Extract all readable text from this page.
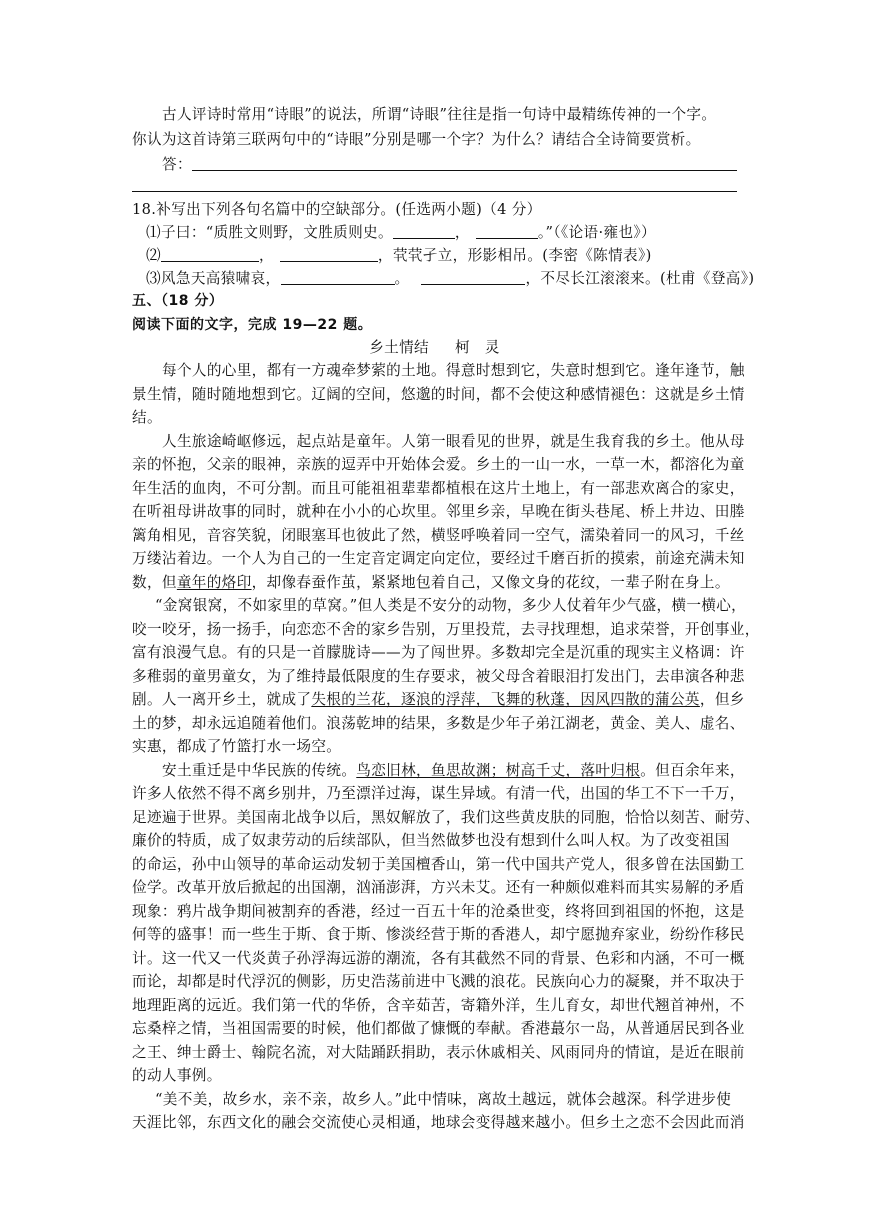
古人评诗时常用“诗眼”的说法，所谓“诗眼”往往是指一句诗中最精练传神的一个字。
你认为这首诗第三联两句中的“诗眼”分别是哪一个字？为什么？请结合全诗简要赏析。
答：
18.补写出下列各句名篇中的空缺部分。(任选两小题)（4 分）
⑴子曰：“质胜文则野，文胜质则史。	，	。”（《论语·雍也》）
⑵	，	，茕茕孑立，形影相吊。(李密《陈情表》)
⑶风急天高猿啸哀，	。	，不尽长江滚滚来。(杜甫《登高》)
五、（18 分）
阅读下面的文字，完成 19—22 题。
乡土情结 柯　灵
每个人的心里，都有一方魂牵梦萦的土地。得意时想到它，失意时想到它。逢年逢节，触
景生情，随时随地想到它。辽阔的空间，悠邈的时间，都不会使这种感情褪色：这就是乡土情
结。
人生旅途崎岖修远，起点站是童年。人第一眼看见的世界，就是生我育我的乡土。他从母
亲的怀抱，父亲的眼神，亲族的逗弄中开始体会爱。乡土的一山一水，一草一木，都溶化为童
年生活的血肉，不可分割。而且可能祖祖辈辈都植根在这片土地上，有一部悲欢离合的家史，
在听祖母讲故事的同时，就种在小小的心坎里。邻里乡亲，早晚在街头巷尾、桥上井边、田塍
篱角相见，音容笑貌，闭眼塞耳也彼此了然，横竖呼唤着同一空气，濡染着同一的风习，千丝
万缕沾着边。一个人为自己的一生定音定调定向定位，要经过千磨百折的摸索，前途充满未知
数，但童年的烙印，却像春蚕作茧，紧紧地包着自己，又像文身的花纹，一辈子附在身上。
“金窝银窝，不如家里的草窝。”但人类是不安分的动物，多少人仗着年少气盛，横一横心，
咬一咬牙，扬一扬手，向恋恋不舍的家乡告别，万里投荒，去寻找理想，追求荣誉，开创事业，
富有浪漫气息。有的只是一首朦胧诗——为了闯世界。多数却完全是沉重的现实主义格调：许
多稚弱的童男童女，为了维持最低限度的生存要求，被父母含着眼泪打发出门，去串演各种悲
剧。人一离开乡土，就成了失根的兰花，逐浪的浮萍，飞舞的秋蓬，因风四散的蒲公英，但乡
土的梦，却永远追随着他们。浪荡乾坤的结果，多数是少年子弟江湖老，黄金、美人、虚名、
实惠，都成了竹篮打水一场空。
安土重迁是中华民族的传统。鸟恋旧林，鱼思故渊；树高千丈，落叶归根。但百余年来，
许多人依然不得不离乡别井，乃至漂洋过海，谋生异域。有清一代，出国的华工不下一千万，
足迹遍于世界。美国南北战争以后，黑奴解放了，我们这些黄皮肤的同胞，恰恰以刻苦、耐劳、
廉价的特质，成了奴隶劳动的后续部队，但当然做梦也没有想到什么叫人权。为了改变祖国
的命运，孙中山领导的革命运动发轫于美国檀香山，第一代中国共产党人，很多曾在法国勤工
俭学。改革开放后掀起的出国潮，汹涌澎湃，方兴未艾。还有一种颇似难料而其实易解的矛盾
现象：鸦片战争期间被割弃的香港，经过一百五十年的沧桑世变，终将回到祖国的怀抱，这是
何等的盛事！而一些生于斯、食于斯、惨淡经营于斯的香港人，却宁愿抛弃家业，纷纷作移民
计。这一代又一代炎黄子孙浮海远游的潮流，各有其截然不同的背景、色彩和内涵，不可一概
而论，却都是时代浮沉的侧影，历史浩荡前进中飞溅的浪花。民族向心力的凝聚，并不取决于
地理距离的远近。我们第一代的华侨，含辛茹苦，寄籍外洋，生儿育女，却世代翘首神州，不
忘桑梓之情，当祖国需要的时候，他们都做了慷慨的奉献。香港蕞尔一岛，从普通居民到各业
之王、绅士爵士、翰院名流，对大陆踊跃捐助，表示休戚相关、风雨同舟的情谊，是近在眼前
的动人事例。
“美不美，故乡水，亲不亲，故乡人。”此中情味，离故土越远，就体会越深。科学进步使
天涯比邻，东西文化的融会交流使心灵相通，地球会变得越来越小。但乡土之恋不会因此而消
